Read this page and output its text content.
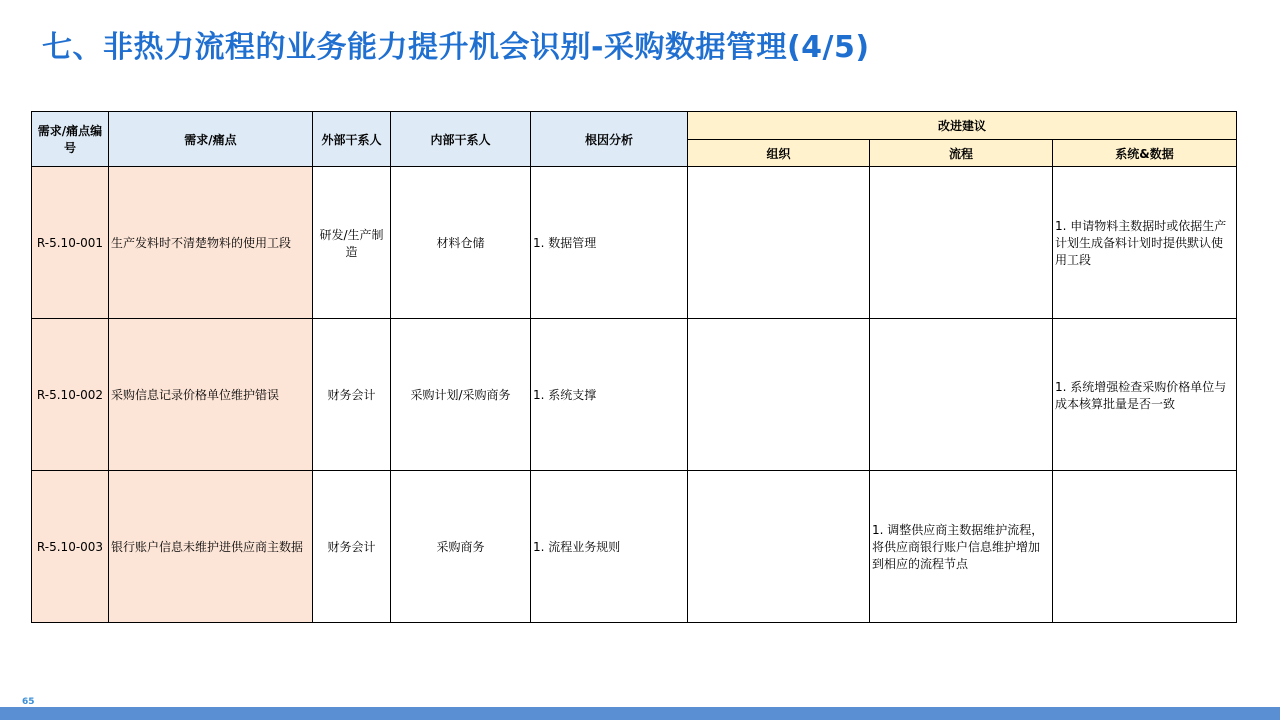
七、非热力流程的业务能力提升机会识别-采购数据管理(4/5)
需求/痛点编号	需求/痛点	外部干系人	内部干系人	根因分析	改进建议		
					组织	流程	系统&数据
R-5.10-001	生产发料时不清楚物料的使用工段	研发/生产制造	材料仓储	1. 数据管理			1. 申请物料主数据时或依据生产计划生成备料计划时提供默认使用工段
R-5.10-002	采购信息记录价格单位维护错误	财务会计	采购计划/采购商务	1. 系统支撑			1. 系统增强检查采购价格单位与成本核算批量是否一致
R-5.10-003	银行账户信息未维护进供应商主数据	财务会计	采购商务	1. 流程业务规则		1. 调整供应商主数据维护流程，将供应商银行账户信息维护增加到相应的流程节点	
65
